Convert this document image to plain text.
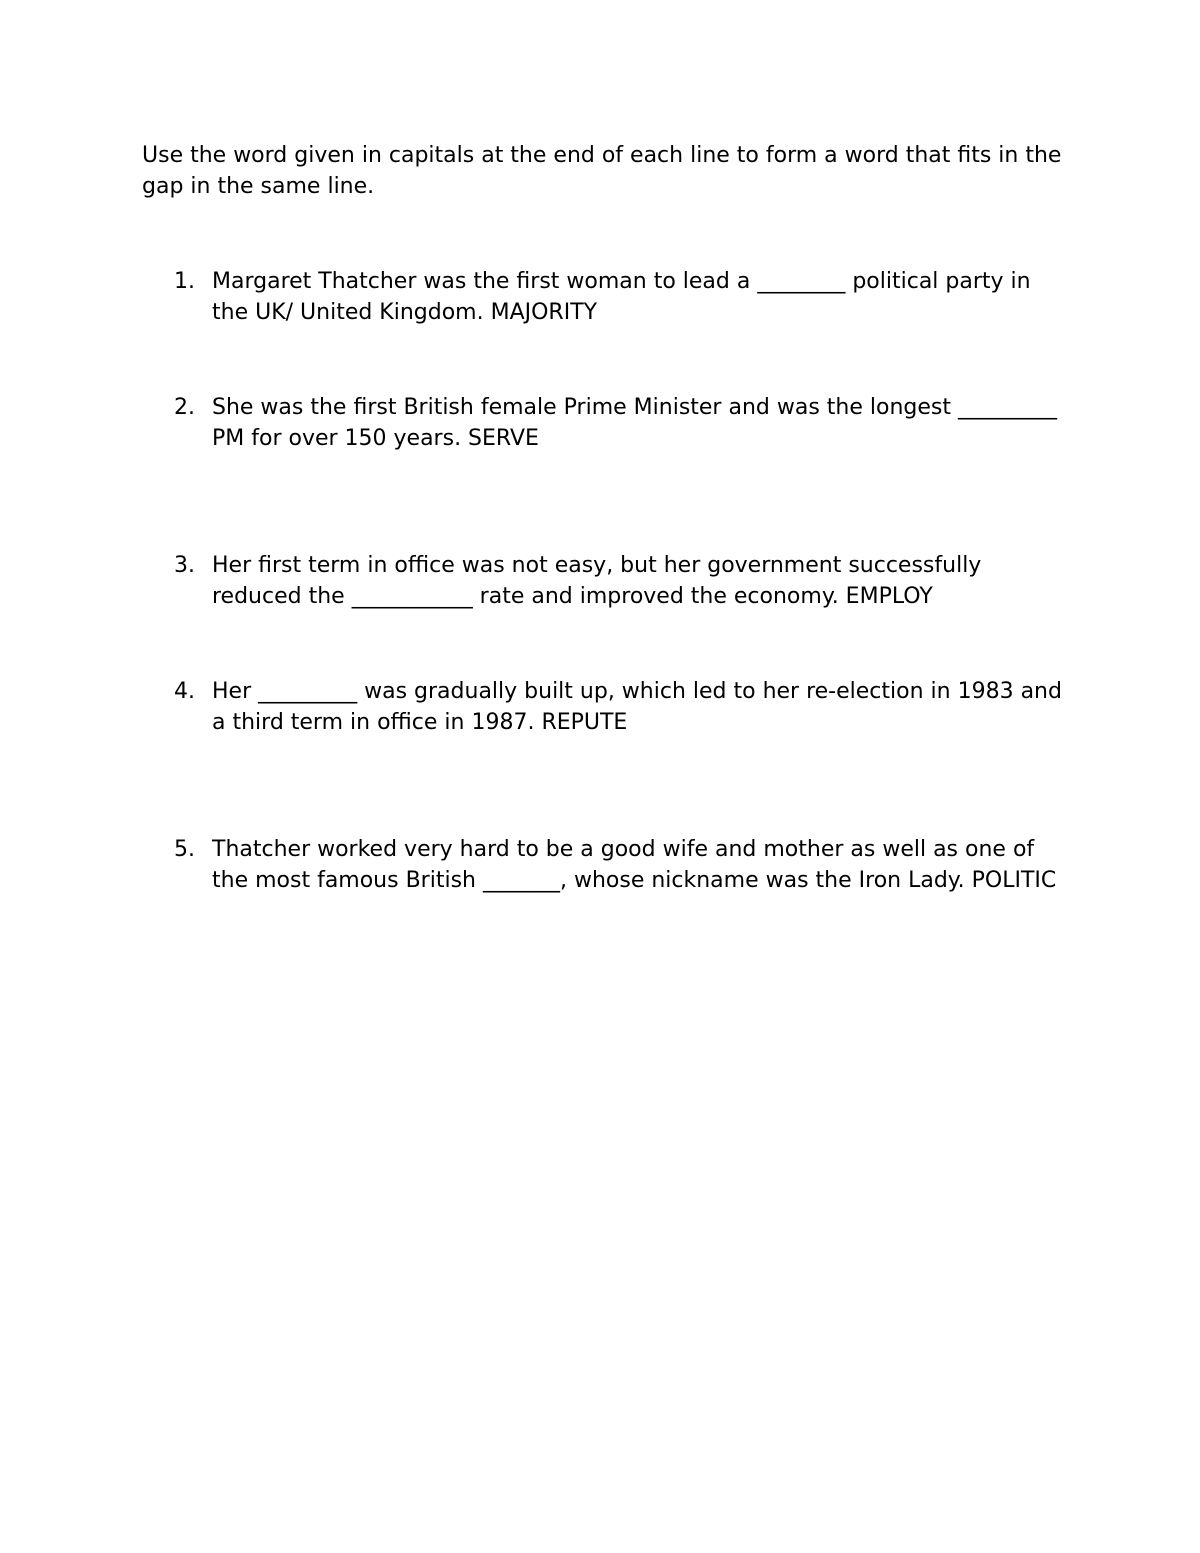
Use the word given in capitals at the end of each line to form a word that fits in the gap in the same line.

1. Margaret Thatcher was the first woman to lead a ________ political party in the UK/ United Kingdom. MAJORITY
2. She was the first British female Prime Minister and was the longest _________ PM for over 150 years. SERVE
3. Her first term in office was not easy, but her government successfully reduced the ___________ rate and improved the economy. EMPLOY
4. Her _________ was gradually built up, which led to her re-election in 1983 and a third term in office in 1987. REPUTE
5. Thatcher worked very hard to be a good wife and mother as well as one of the most famous British _______, whose nickname was the Iron Lady. POLITIC
